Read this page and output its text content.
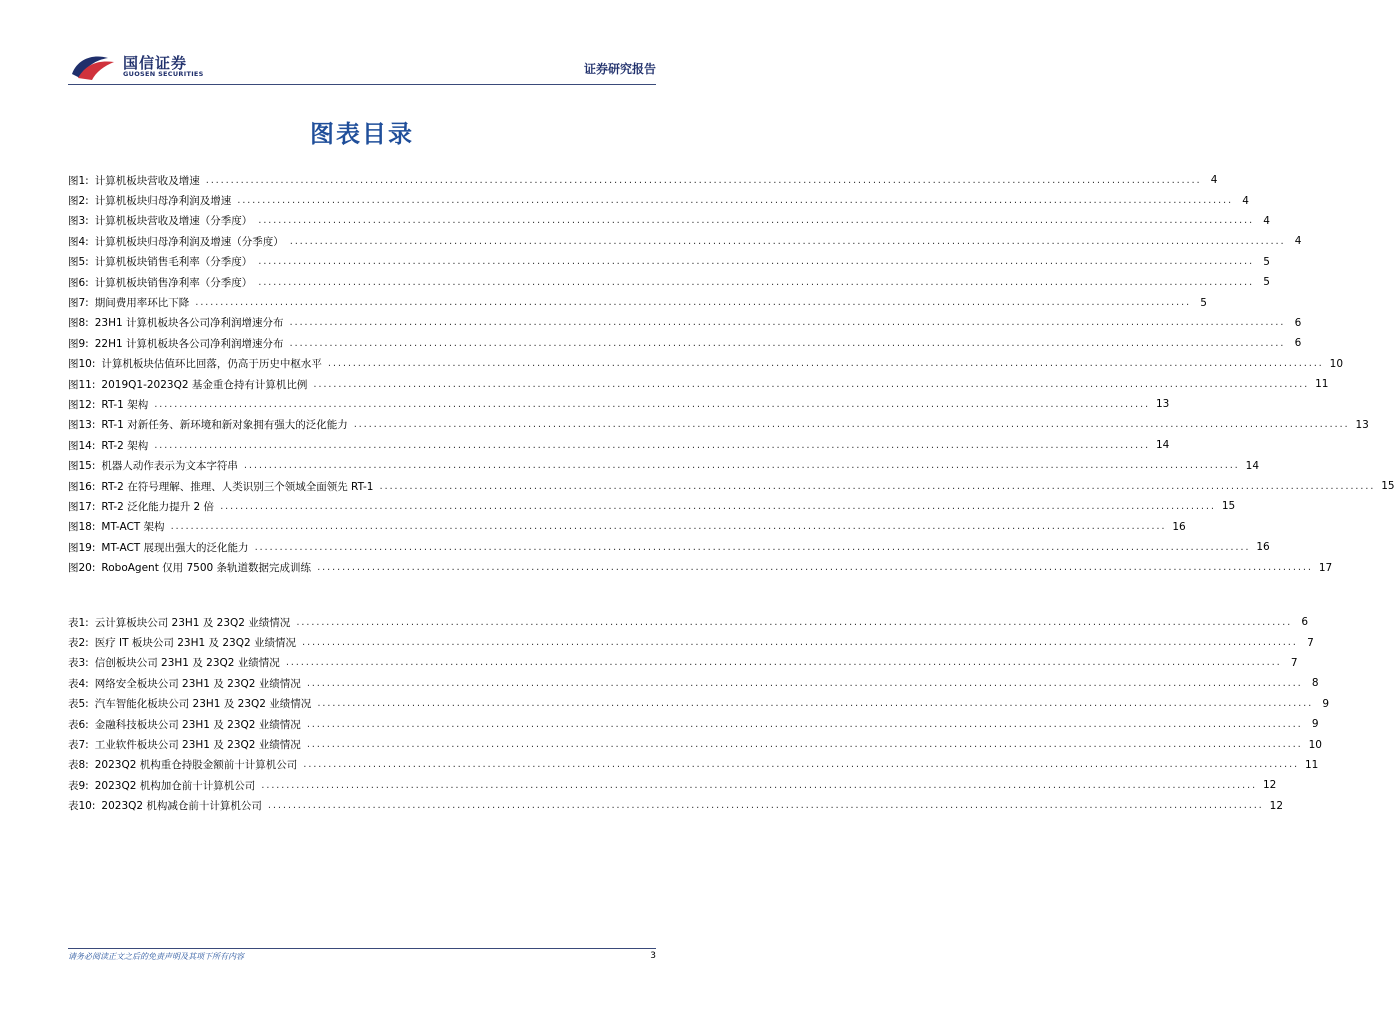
国信证券
GUOSEN SECURITIES	证券研究报告
图表目录
图1: 计算机板块营收及增速 ........................................................................................................................................................................................................ 4
图2: 计算机板块归母净利润及增速 ........................................................................................................................................................................................................ 4
图3: 计算机板块营收及增速（分季度） ........................................................................................................................................................................................................ 4
图4: 计算机板块归母净利润及增速（分季度） ........................................................................................................................................................................................................ 4
图5: 计算机板块销售毛利率（分季度） ........................................................................................................................................................................................................ 5
图6: 计算机板块销售净利率（分季度） ........................................................................................................................................................................................................ 5
图7: 期间费用率环比下降 ........................................................................................................................................................................................................ 5
图8: 23H1 计算机板块各公司净利润增速分布 ........................................................................................................................................................................................................ 6
图9: 22H1 计算机板块各公司净利润增速分布 ........................................................................................................................................................................................................ 6
图10: 计算机板块估值环比回落，仍高于历史中枢水平 ........................................................................................................................................................................................................ 10
图11: 2019Q1-2023Q2 基金重仓持有计算机比例 ........................................................................................................................................................................................................ 11
图12: RT-1 架构 ........................................................................................................................................................................................................ 13
图13: RT-1 对新任务、新环境和新对象拥有强大的泛化能力 ........................................................................................................................................................................................................ 13
图14: RT-2 架构 ........................................................................................................................................................................................................ 14
图15: 机器人动作表示为文本字符串 ........................................................................................................................................................................................................ 14
图16: RT-2 在符号理解、推理、人类识别三个领域全面领先 RT-1 ........................................................................................................................................................................................................ 15
图17: RT-2 泛化能力提升 2 倍 ........................................................................................................................................................................................................ 15
图18: MT-ACT 架构 ........................................................................................................................................................................................................ 16
图19: MT-ACT 展现出强大的泛化能力 ........................................................................................................................................................................................................ 16
图20: RoboAgent 仅用 7500 条轨道数据完成训练 ........................................................................................................................................................................................................ 17
表1: 云计算板块公司 23H1 及 23Q2 业绩情况 ........................................................................................................................................................................................................ 6
表2: 医疗 IT 板块公司 23H1 及 23Q2 业绩情况 ........................................................................................................................................................................................................ 7
表3: 信创板块公司 23H1 及 23Q2 业绩情况 ........................................................................................................................................................................................................ 7
表4: 网络安全板块公司 23H1 及 23Q2 业绩情况 ........................................................................................................................................................................................................ 8
表5: 汽车智能化板块公司 23H1 及 23Q2 业绩情况 ........................................................................................................................................................................................................ 9
表6: 金融科技板块公司 23H1 及 23Q2 业绩情况 ........................................................................................................................................................................................................ 9
表7: 工业软件板块公司 23H1 及 23Q2 业绩情况 ........................................................................................................................................................................................................ 10
表8: 2023Q2 机构重仓持股金额前十计算机公司 ........................................................................................................................................................................................................ 11
表9: 2023Q2 机构加仓前十计算机公司 ........................................................................................................................................................................................................ 12
表10: 2023Q2 机构减仓前十计算机公司 ........................................................................................................................................................................................................ 12
请务必阅读正文之后的免责声明及其项下所有内容	3
